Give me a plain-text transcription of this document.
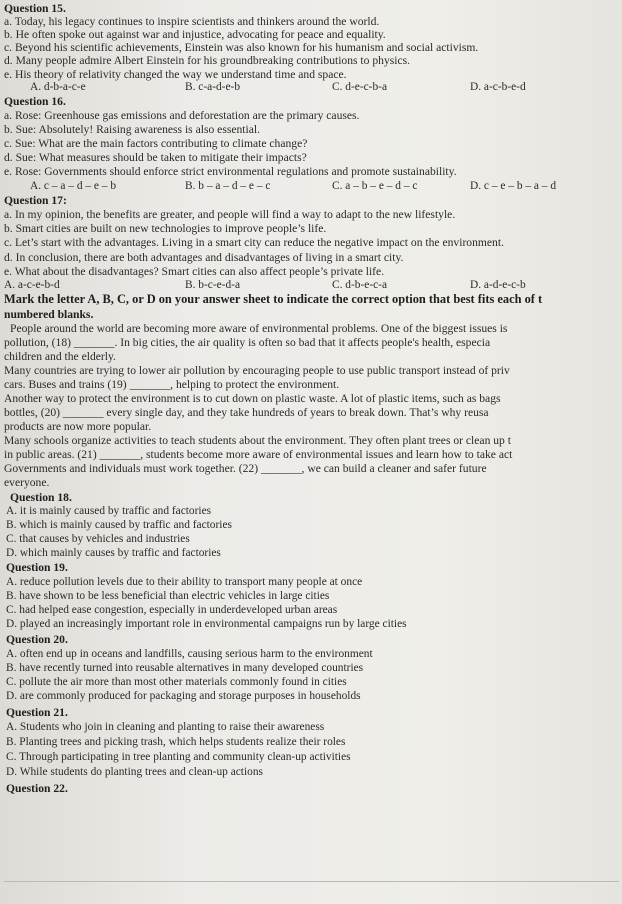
Question 15.
a. Today, his legacy continues to inspire scientists and thinkers around the world.
b. He often spoke out against war and injustice, advocating for peace and equality.
c. Beyond his scientific achievements, Einstein was also known for his humanism and social activism.
d. Many people admire Albert Einstein for his groundbreaking contributions to physics.
e. His theory of relativity changed the way we understand time and space.
A. d-b-a-c-e	B. c-a-d-e-b	C. d-e-c-b-a	D. a-c-b-e-d
Question 16.
a. Rose: Greenhouse gas emissions and deforestation are the primary causes.
b. Sue: Absolutely! Raising awareness is also essential.
c. Sue: What are the main factors contributing to climate change?
d. Sue: What measures should be taken to mitigate their impacts?
e. Rose: Governments should enforce strict environmental regulations and promote sustainability.
A. c – a – d – e – b	B. b – a – d – e – c	C. a – b – e – d – c	D. c – e – b – a – d
Question 17:
a. In my opinion, the benefits are greater, and people will find a way to adapt to the new lifestyle.
b. Smart cities are built on new technologies to improve people’s life.
c. Let’s start with the advantages. Living in a smart city can reduce the negative impact on the environment.
d. In conclusion, there are both advantages and disadvantages of living in a smart city.
e. What about the disadvantages? Smart cities can also affect people’s private life.
A. a-c-e-b-d	B. b-c-e-d-a	C. d-b-e-c-a	D. a-d-e-c-b
Mark the letter A, B, C, or D on your answer sheet to indicate the correct option that best fits each of t
numbered blanks.
People around the world are becoming more aware of environmental problems. One of the biggest issues is
pollution, (18) _______. In big cities, the air quality is often so bad that it affects people's health, especia
children and the elderly.
Many countries are trying to lower air pollution by encouraging people to use public transport instead of priv
cars. Buses and trains (19) _______, helping to protect the environment.
Another way to protect the environment is to cut down on plastic waste. A lot of plastic items, such as bags
bottles, (20) _______ every single day, and they take hundreds of years to break down. That’s why reusa
products are now more popular.
Many schools organize activities to teach students about the environment. They often plant trees or clean up t
in public areas. (21) _______, students become more aware of environmental issues and learn how to take act
Governments and individuals must work together. (22) _______, we can build a cleaner and safer future
everyone.
Question 18.
A. it is mainly caused by traffic and factories
B. which is mainly caused by traffic and factories
C. that causes by vehicles and industries
D. which mainly causes by traffic and factories
Question 19.
A. reduce pollution levels due to their ability to transport many people at once
B. have shown to be less beneficial than electric vehicles in large cities
C. had helped ease congestion, especially in underdeveloped urban areas
D. played an increasingly important role in environmental campaigns run by large cities
Question 20.
A. often end up in oceans and landfills, causing serious harm to the environment
B. have recently turned into reusable alternatives in many developed countries
C. pollute the air more than most other materials commonly found in cities
D. are commonly produced for packaging and storage purposes in households
Question 21.
A. Students who join in cleaning and planting to raise their awareness
B. Planting trees and picking trash, which helps students realize their roles
C. Through participating in tree planting and community clean-up activities
D. While students do planting trees and clean-up actions
Question 22.
